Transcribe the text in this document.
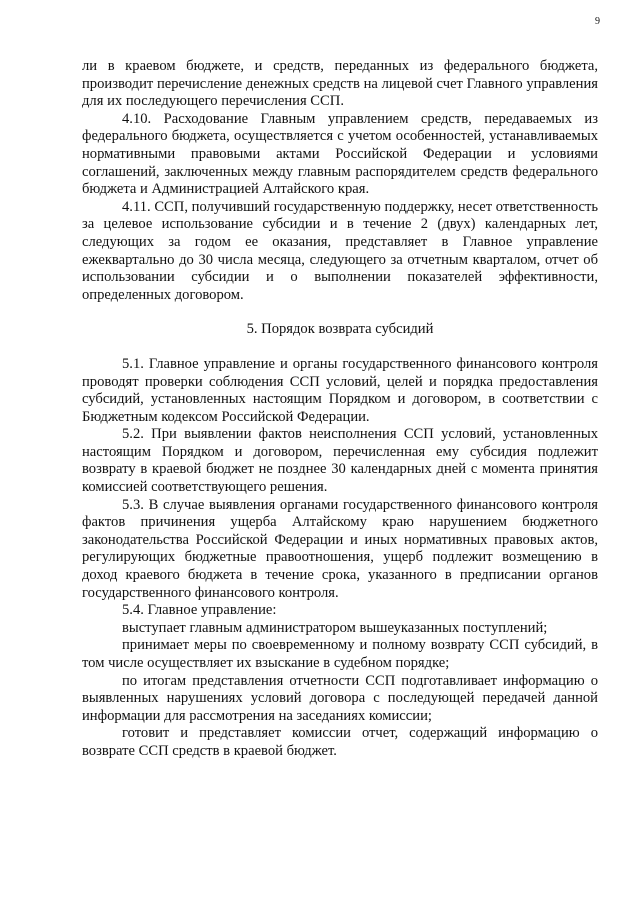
9

ли в краевом бюджете, и средств, переданных из федерального бюджета, производит перечисление денежных средств на лицевой счет Главного управления для их последующего перечисления ССП.

4.10. Расходование Главным управлением средств, передаваемых из федерального бюджета, осуществляется с учетом особенностей, устанавливаемых нормативными правовыми актами Российской Федерации и условиями соглашений, заключенных между главным распорядителем средств федерального бюджета и Администрацией Алтайского края.

4.11. ССП, получивший государственную поддержку, несет ответственность за целевое использование субсидии и в течение 2 (двух) календарных лет, следующих за годом ее оказания, представляет в Главное управление ежеквартально до 30 числа месяца, следующего за отчетным кварталом, отчет об использовании субсидии и о выполнении показателей эффективности, определенных договором.

5. Порядок возврата субсидий

5.1. Главное управление и органы государственного финансового контроля проводят проверки соблюдения ССП условий, целей и порядка предоставления субсидий, установленных настоящим Порядком и договором, в соответствии с Бюджетным кодексом Российской Федерации.

5.2. При выявлении фактов неисполнения ССП условий, установленных настоящим Порядком и договором, перечисленная ему субсидия подлежит возврату в краевой бюджет не позднее 30 календарных дней с момента принятия комиссией соответствующего решения.

5.3. В случае выявления органами государственного финансового контроля фактов причинения ущерба Алтайскому краю нарушением бюджетного законодательства Российской Федерации и иных нормативных правовых актов, регулирующих бюджетные правоотношения, ущерб подлежит возмещению в доход краевого бюджета в течение срока, указанного в предписании органов государственного финансового контроля.

5.4. Главное управление:

выступает главным администратором вышеуказанных поступлений;

принимает меры по своевременному и полному возврату ССП субсидий, в том числе осуществляет их взыскание в судебном порядке;

по итогам представления отчетности ССП подготавливает информацию о выявленных нарушениях условий договора с последующей передачей данной информации для рассмотрения на заседаниях комиссии;

готовит и представляет комиссии отчет, содержащий информацию о возврате ССП средств в краевой бюджет.
